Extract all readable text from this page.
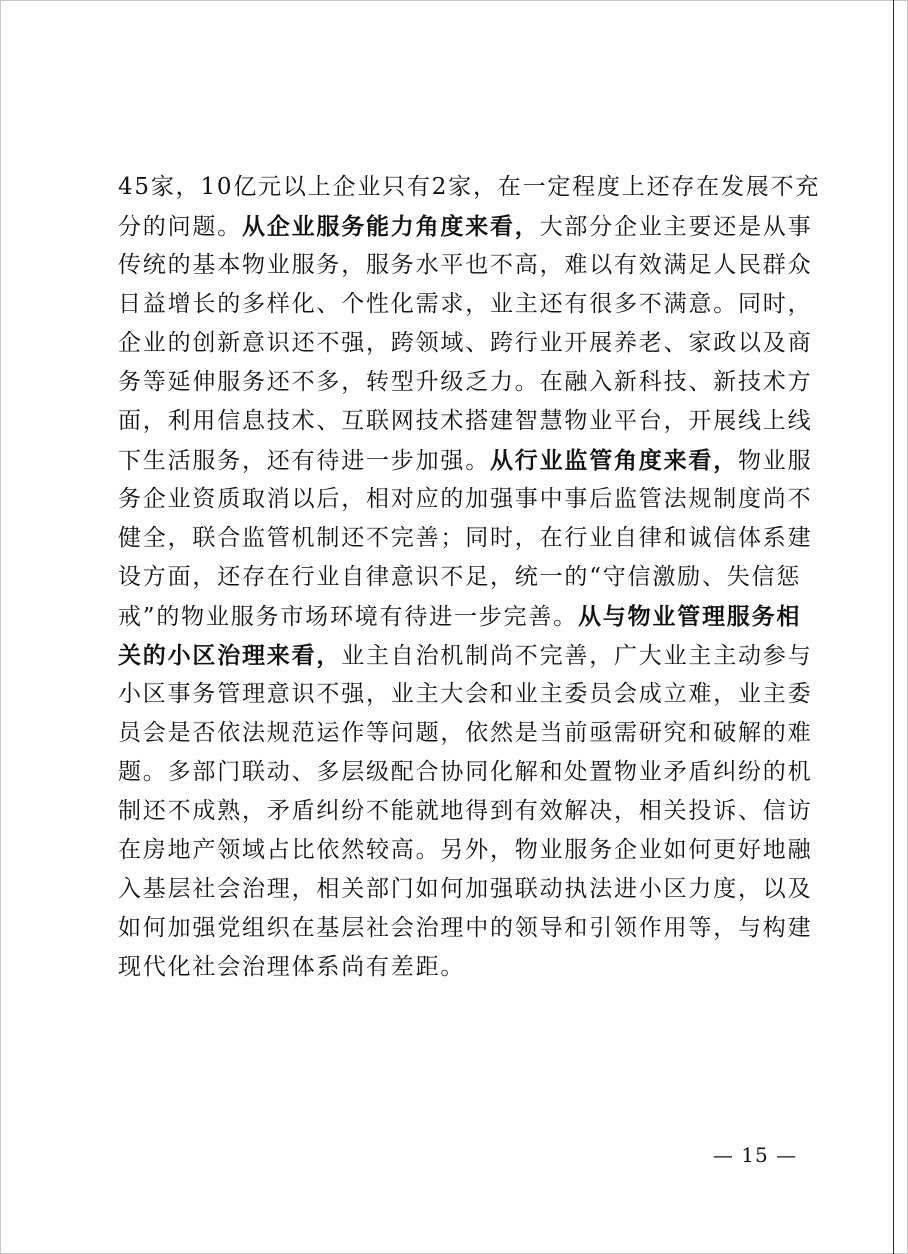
45家，10亿元以上企业只有2家，在一定程度上还存在发展不充
分的问题。从企业服务能力角度来看，大部分企业主要还是从事
传统的基本物业服务，服务水平也不高，难以有效满足人民群众
日益增长的多样化、个性化需求，业主还有很多不满意。同时，
企业的创新意识还不强，跨领域、跨行业开展养老、家政以及商
务等延伸服务还不多，转型升级乏力。在融入新科技、新技术方
面，利用信息技术、互联网技术搭建智慧物业平台，开展线上线
下生活服务，还有待进一步加强。从行业监管角度来看，物业服
务企业资质取消以后，相对应的加强事中事后监管法规制度尚不
健全，联合监管机制还不完善；同时，在行业自律和诚信体系建
设方面，还存在行业自律意识不足，统一的“守信激励、失信惩
戒”的物业服务市场环境有待进一步完善。从与物业管理服务相
关的小区治理来看，业主自治机制尚不完善，广大业主主动参与
小区事务管理意识不强，业主大会和业主委员会成立难，业主委
员会是否依法规范运作等问题，依然是当前亟需研究和破解的难
题。多部门联动、多层级配合协同化解和处置物业矛盾纠纷的机
制还不成熟，矛盾纠纷不能就地得到有效解决，相关投诉、信访
在房地产领域占比依然较高。另外，物业服务企业如何更好地融
入基层社会治理，相关部门如何加强联动执法进小区力度，以及
如何加强党组织在基层社会治理中的领导和引领作用等，与构建
现代化社会治理体系尚有差距。
— 15 —
